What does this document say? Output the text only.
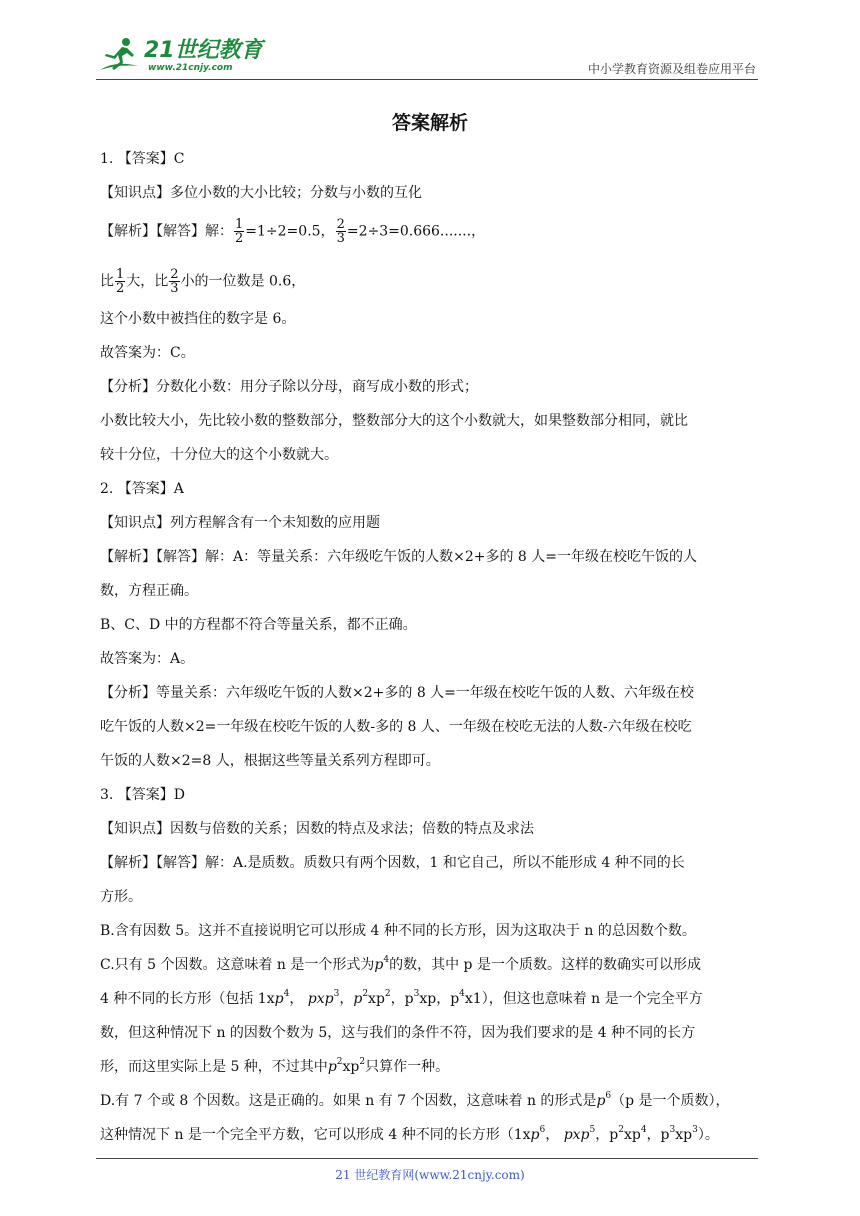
21世纪教育
www.21cnjy.com	中小学教育资源及组卷应用平台
答案解析
1. 【答案】C
【知识点】多位小数的大小比较；分数与小数的互化
【解析】【解答】解： $\frac{1}{2} =1\div 2=0.5$， $\frac{2}{3} =2\div 3=0.666$.......，
比 $\frac{1}{2}$ 大，比 $\frac{2}{3}$ 小的一位数是 0.6，
这个小数中被挡住的数字是 6。
故答案为：C。
【分析】分数化小数：用分子除以分母，商写成小数的形式；
小数比较大小，先比较小数的整数部分，整数部分大的这个小数就大，如果整数部分相同，就比
较十分位，十分位大的这个小数就大。
2. 【答案】A
【知识点】列方程解含有一个未知数的应用题
【解析】【解答】解：A：等量关系：六年级吃午饭的人数×2+多的 8 人=一年级在校吃午饭的人
数，方程正确。
B、C、D 中的方程都不符合等量关系，都不正确。
故答案为：A。
【分析】等量关系：六年级吃午饭的人数×2+多的 8 人=一年级在校吃午饭的人数、六年级在校
吃午饭的人数×2=一年级在校吃午饭的人数-多的 8 人、一年级在校吃无法的人数-六年级在校吃
午饭的人数×2=8 人，根据这些等量关系列方程即可。
3. 【答案】D
【知识点】因数与倍数的关系；因数的特点及求法；倍数的特点及求法
【解析】【解答】解：A.是质数。质数只有两个因数，1 和它自己，所以不能形成 4 种不同的长
方形。
B.含有因数 5。这并不直接说明它可以形成 4 种不同的长方形，因为这取决于 n 的总因数个数。
C.只有 5 个因数。这意味着 n 是一个形式为$p^4$的数，其中 p 是一个质数。这样的数确实可以形成
4 种不同的长方形（包括 $1xp^4$， pxp$^3$，$p^2xp^2$，$p^3xp$，$p^4x1$），但这也意味着 n 是一个完全平方
数，但这种情况下 n 的因数个数为 5，这与我们的条件不符，因为我们要求的是 4 种不同的长方
形，而这里实际上是 5 种，不过其中$p^2xp^2$只算作一种。
D.有 7 个或 8 个因数。这是正确的。如果 n 有 7 个因数，这意味着 n 的形式是$p^6(p$ 是一个质数），
这种情况下 n 是一个完全平方数，它可以形成 4 种不同的长方形（$1xp^6$， pxp$^5$，$p^2xp^4$，$p^3xp^3$）。
21 世纪教育网(www.21cnjy.com)
